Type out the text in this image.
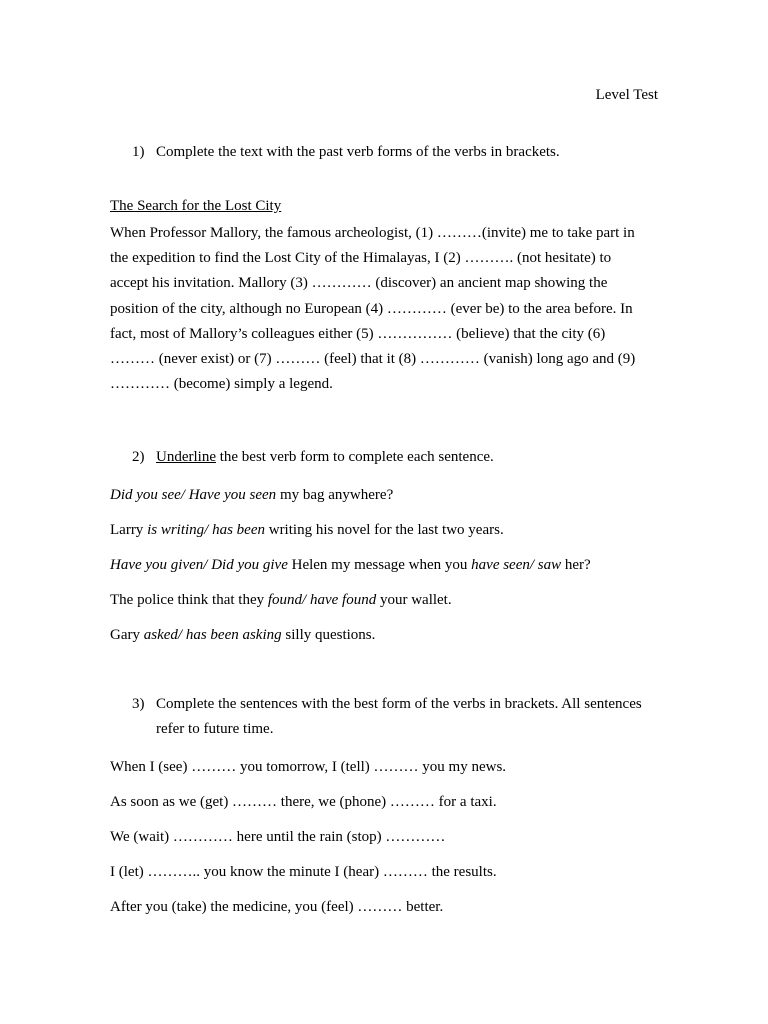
Level Test
1) Complete the text with the past verb forms of the verbs in brackets.
The Search for the Lost City
When Professor Mallory, the famous archeologist, (1) ………(invite) me to take part in
the expedition to find the Lost City of the Himalayas, I (2) ………. (not hesitate) to
accept his invitation. Mallory (3) ………… (discover) an ancient map showing the
position of the city, although no European (4) ………… (ever be) to the area before. In
fact, most of Mallory’s colleagues either (5) …………… (believe) that the city (6)
……… (never exist) or (7) ……… (feel) that it (8) ………… (vanish) long ago and (9)
………… (become) simply a legend.
2) Underline the best verb form to complete each sentence.
Did you see/ Have you seen my bag anywhere?
Larry is writing/ has been writing his novel for the last two years.
Have you given/ Did you give Helen my message when you have seen/ saw her?
The police think that they found/ have found your wallet.
Gary asked/ has been asking silly questions.
3) Complete the sentences with the best form of the verbs in brackets. All sentences
refer to future time.
When I (see) ……… you tomorrow, I (tell) ……… you my news.
As soon as we (get) ……… there, we (phone) ……… for a taxi.
We (wait) ………… here until the rain (stop) …………
I (let) ……….. you know the minute I (hear) ……… the results.
After you (take) the medicine, you (feel) ……… better.
